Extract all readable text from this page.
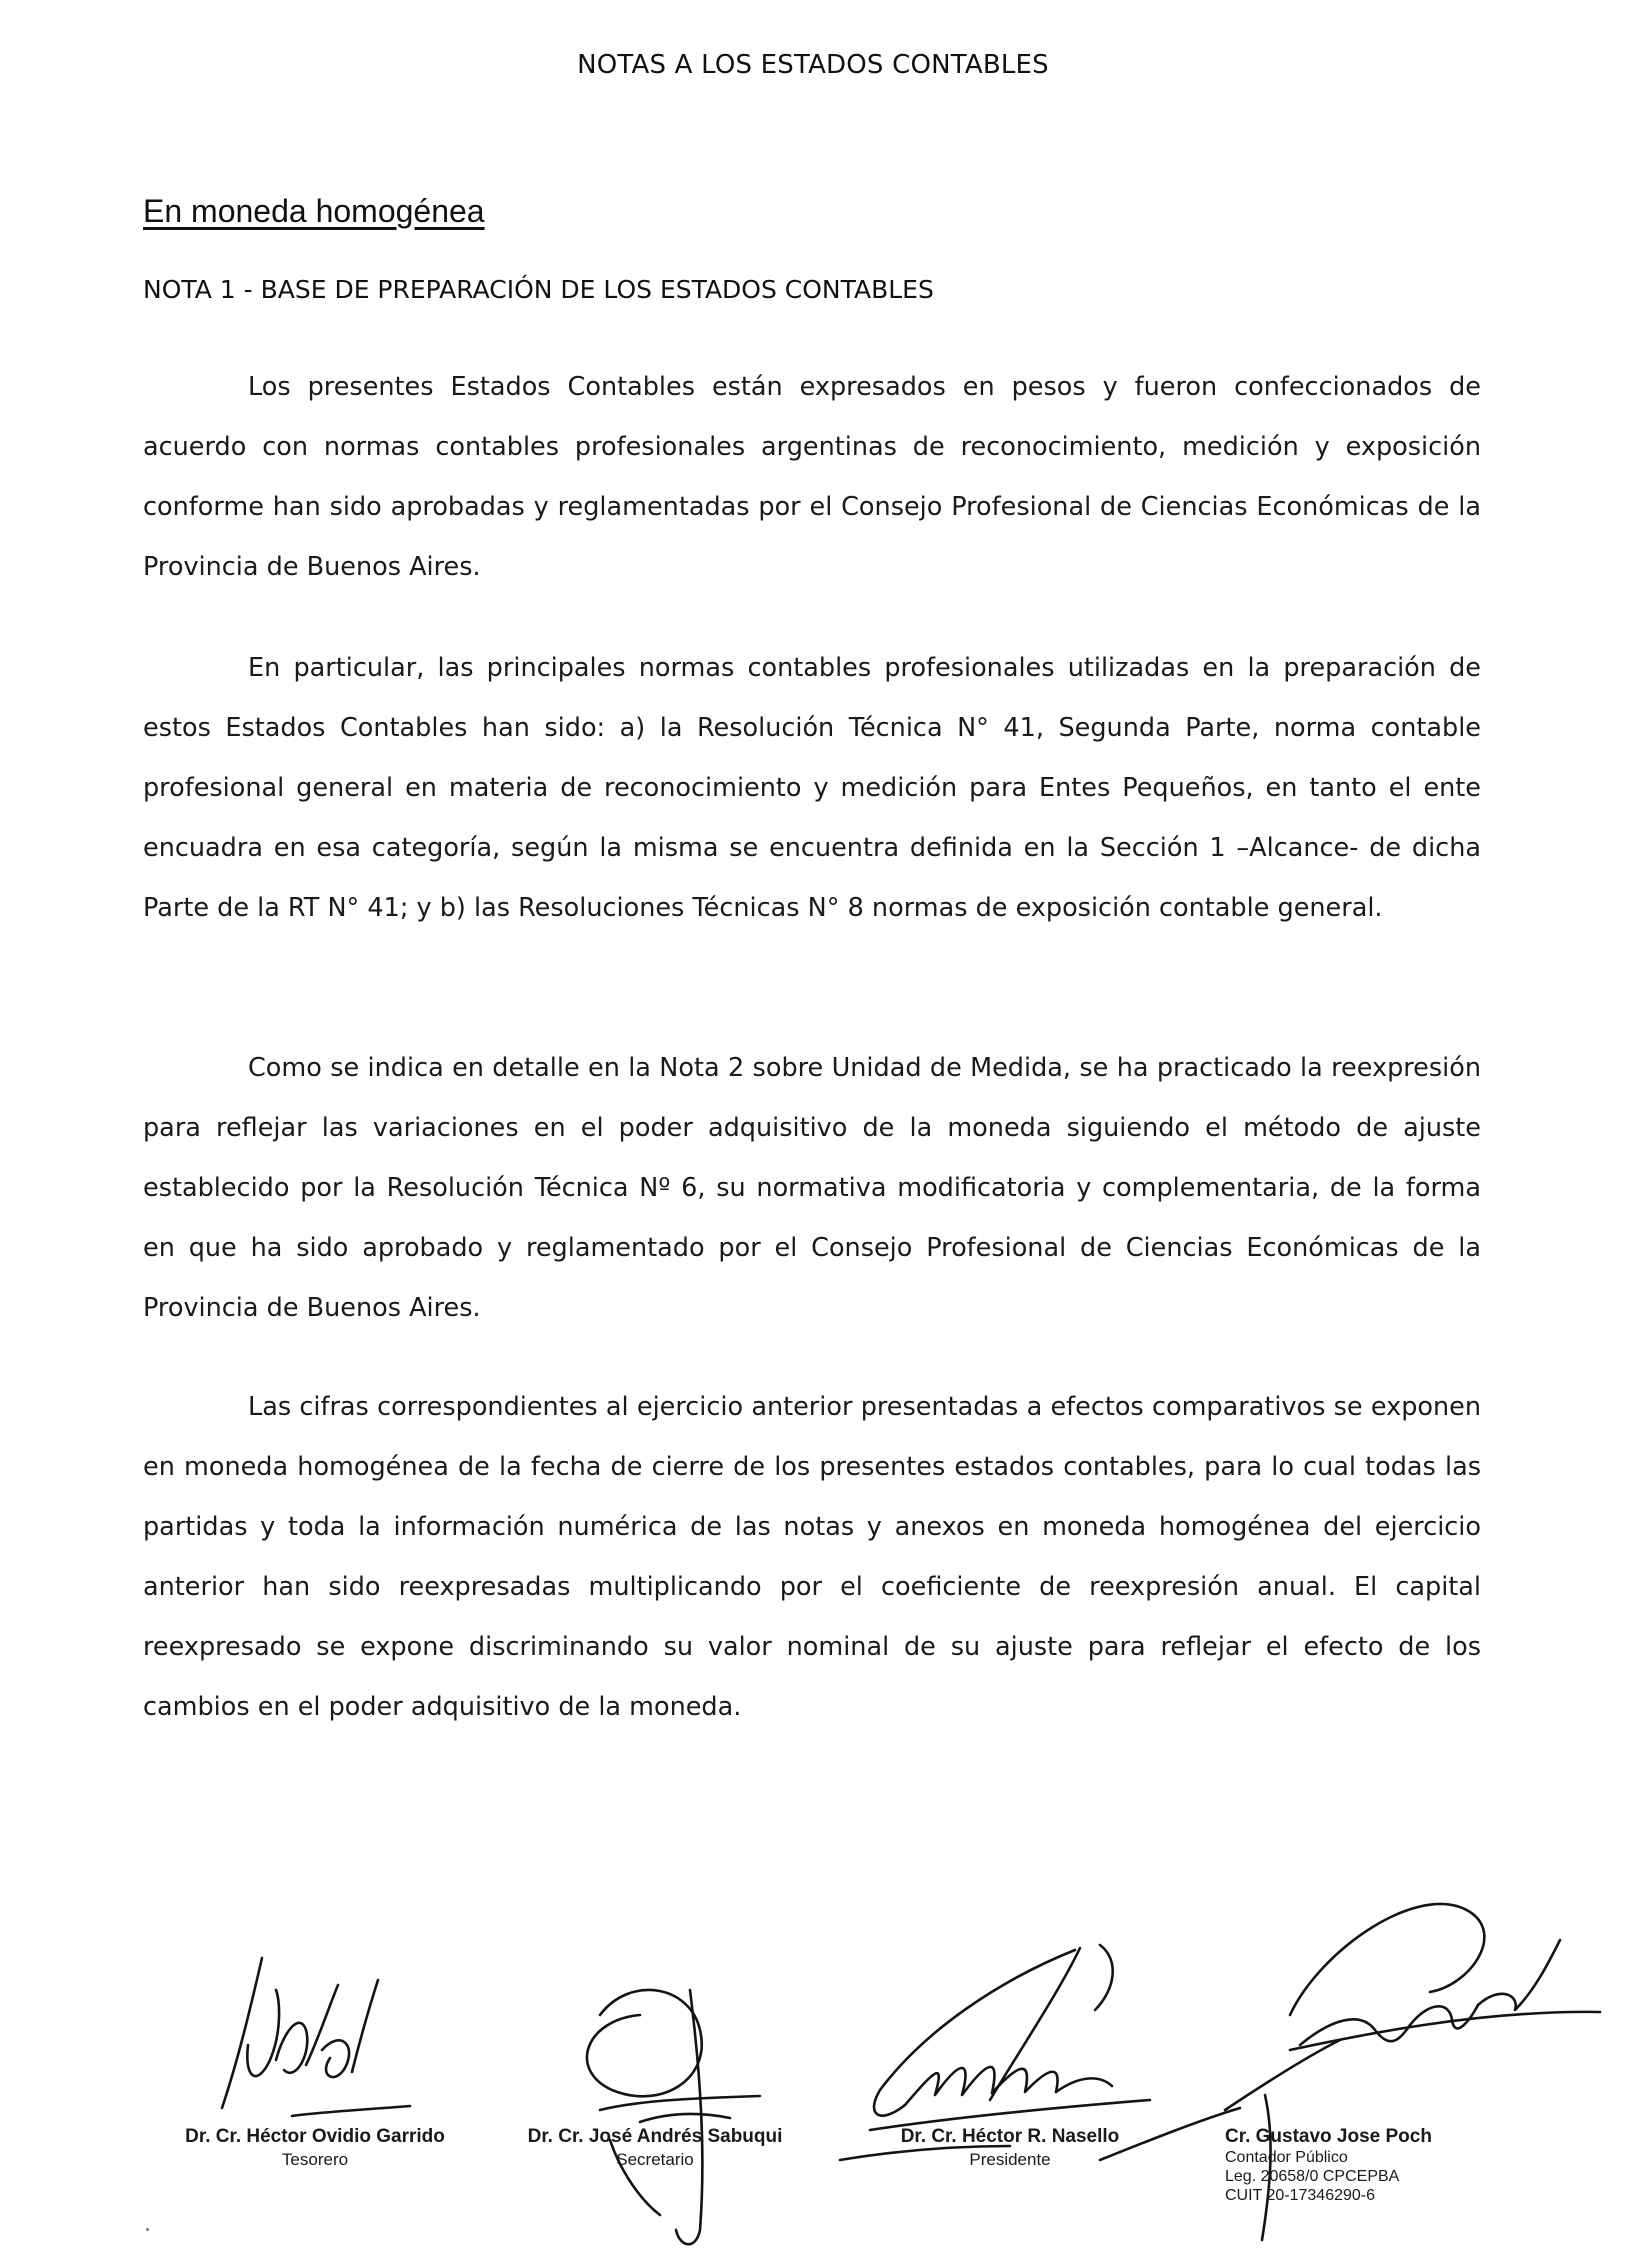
NOTAS A LOS ESTADOS CONTABLES
En moneda homogénea
NOTA 1 - BASE DE PREPARACIÓN DE LOS ESTADOS CONTABLES

Los presentes Estados Contables están expresados en pesos y fueron confeccionados de acuerdo con normas contables profesionales argentinas de reconocimiento, medición y exposición conforme han sido aprobadas y reglamentadas por el Consejo Profesional de Ciencias Económicas de la Provincia de Buenos Aires.

En particular, las principales normas contables profesionales utilizadas en la preparación de estos Estados Contables han sido: a) la Resolución Técnica N° 41, Segunda Parte, norma contable profesional general en materia de reconocimiento y medición para Entes Pequeños, en tanto el ente encuadra en esa categoría, según la misma se encuentra definida en la Sección 1 –Alcance- de dicha Parte de la RT N° 41; y b) las Resoluciones Técnicas N° 8 normas de exposición contable general.

Como se indica en detalle en la Nota 2 sobre Unidad de Medida, se ha practicado la reexpresión para reflejar las variaciones en el poder adquisitivo de la moneda siguiendo el método de ajuste establecido por la Resolución Técnica Nº 6, su normativa modificatoria y complementaria, de la forma en que ha sido aprobado y reglamentado por el Consejo Profesional de Ciencias Económicas de la Provincia de Buenos Aires.

Las cifras correspondientes al ejercicio anterior presentadas a efectos comparativos se exponen en moneda homogénea de la fecha de cierre de los presentes estados contables, para lo cual todas las partidas y toda la información numérica de las notas y anexos en moneda homogénea del ejercicio anterior han sido reexpresadas multiplicando por el coeficiente de reexpresión anual. El capital reexpresado se expone discriminando su valor nominal de su ajuste para reflejar el efecto de los cambios en el poder adquisitivo de la moneda.

Dr. Cr. Héctor Ovidio Garrido
Tesorero
Dr. Cr. José Andrés Sabuqui
Secretario
Dr. Cr. Héctor R. Nasello
Presidente
Cr. Gustavo Jose Poch
Contador Público
Leg. 20658/0 CPCEPBA
CUIT 20-17346290-6
